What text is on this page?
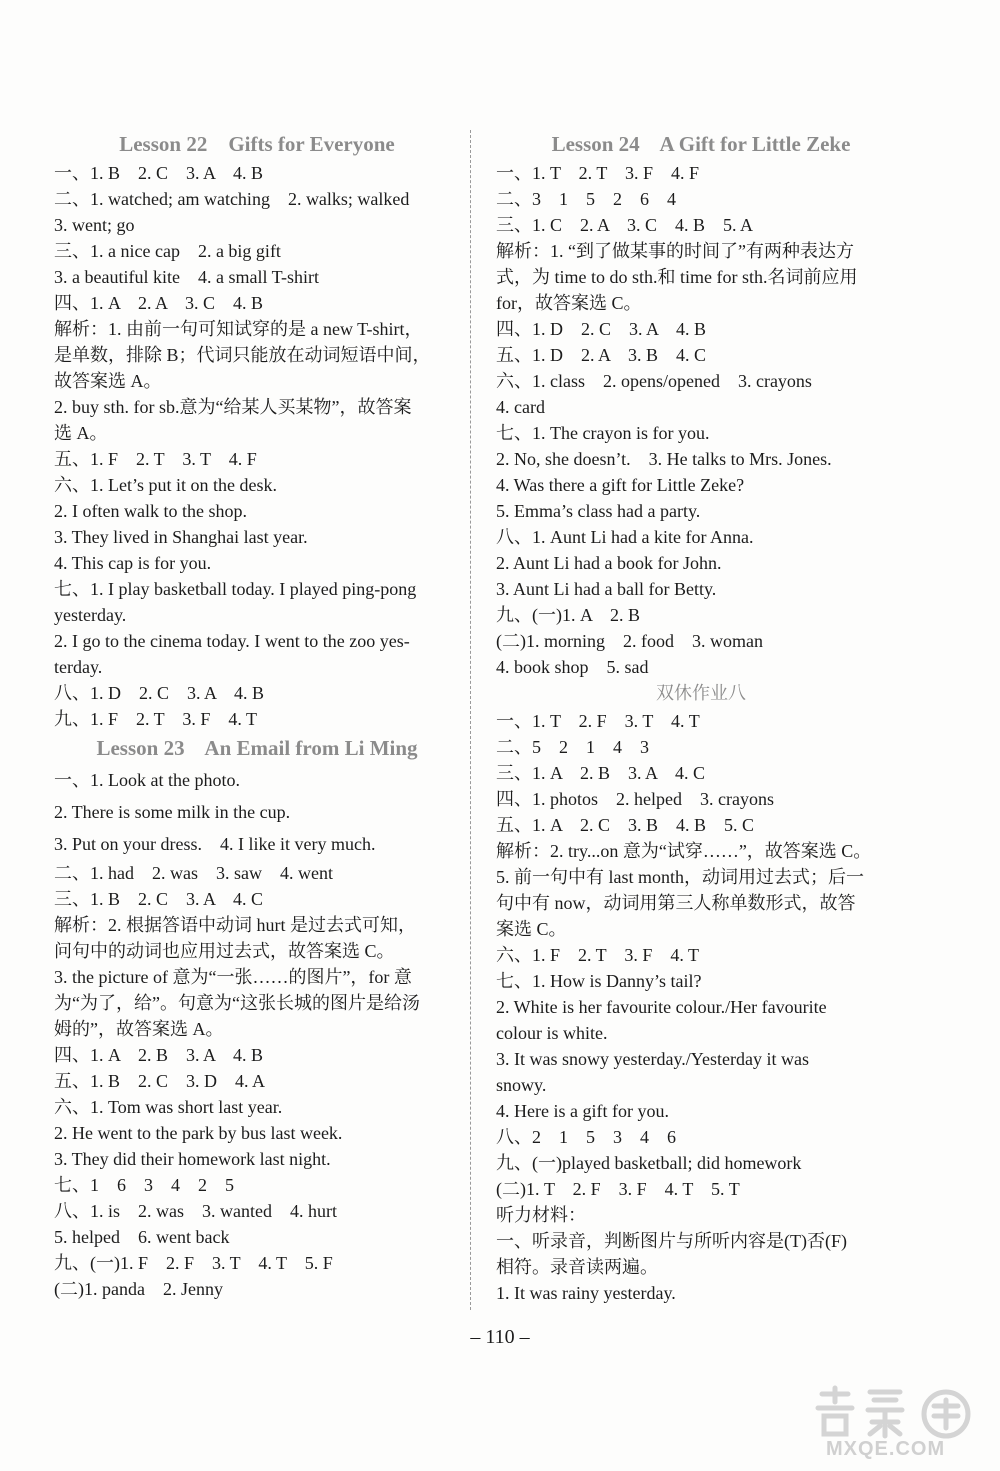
Lesson 22    Gifts for Everyone
一、1. B    2. C    3. A    4. B
二、1. watched; am watching    2. walks; walked
3. went; go
三、1. a nice cap    2. a big gift
3. a beautiful kite    4. a small T-shirt
四、1. A    2. A    3. C    4. B
解析：1. 由前一句可知试穿的是 a new T-shirt，
是单数，排除 B；代词只能放在动词短语中间，
故答案选 A。
2. buy sth. for sb.意为“给某人买某物”，故答案
选 A。
五、1. F    2. T    3. T    4. F
六、1. Let’s put it on the desk.
2. I often walk to the shop.
3. They lived in Shanghai last year.
4. This cap is for you.
七、1. I play basketball today. I played ping-pong
yesterday.
2. I go to the cinema today. I went to the zoo yes-
terday.
八、1. D    2. C    3. A    4. B
九、1. F    2. T    3. F    4. T
Lesson 23    An Email from Li Ming
一、1. Look at the photo.
2. There is some milk in the cup.
3. Put on your dress.    4. I like it very much.
二、1. had    2. was    3. saw    4. went
三、1. B    2. C    3. A    4. C
解析：2. 根据答语中动词 hurt 是过去式可知，
问句中的动词也应用过去式，故答案选 C。
3. the picture of 意为“一张……的图片”，for 意
为“为了，给”。句意为“这张长城的图片是给汤
姆的”，故答案选 A。
四、1. A    2. B    3. A    4. B
五、1. B    2. C    3. D    4. A
六、1. Tom was short last year.
2. He went to the park by bus last week.
3. They did their homework last night.
七、1    6    3    4    2    5
八、1. is    2. was    3. wanted    4. hurt
5. helped    6. went back
九、(一)1. F    2. F    3. T    4. T    5. F
(二)1. panda    2. Jenny
Lesson 24    A Gift for Little Zeke
一、1. T    2. T    3. F    4. F
二、3    1    5    2    6    4
三、1. C    2. A    3. C    4. B    5. A
解析：1. “到了做某事的时间了”有两种表达方
式，为 time to do sth.和 time for sth.名词前应用
for，故答案选 C。
四、1. D    2. C    3. A    4. B
五、1. D    2. A    3. B    4. C
六、1. class    2. opens/opened    3. crayons
4. card
七、1. The crayon is for you.
2. No, she doesn’t.    3. He talks to Mrs. Jones.
4. Was there a gift for Little Zeke?
5. Emma’s class had a party.
八、1. Aunt Li had a kite for Anna.
2. Aunt Li had a book for John.
3. Aunt Li had a ball for Betty.
九、(一)1. A    2. B
(二)1. morning    2. food    3. woman
4. book shop    5. sad
双休作业八
一、1. T    2. F    3. T    4. T
二、5    2    1    4    3
三、1. A    2. B    3. A    4. C
四、1. photos    2. helped    3. crayons
五、1. A    2. C    3. B    4. B    5. C
解析：2. try...on 意为“试穿……”，故答案选 C。
5. 前一句中有 last month，动词用过去式；后一
句中有 now，动词用第三人称单数形式，故答
案选 C。
六、1. F    2. T    3. F    4. T
七、1. How is Danny’s tail?
2. White is her favourite colour./Her favourite
colour is white.
3. It was snowy yesterday./Yesterday it was
snowy.
4. Here is a gift for you.
八、2    1    5    3    4    6
九、(一)played basketball; did homework
(二)1. T    2. F    3. F    4. T    5. T
听力材料：
一、听录音，判断图片与所听内容是(T)否(F)
相符。录音读两遍。
1. It was rainy yesterday.
– 110 –
MXQE.COM
